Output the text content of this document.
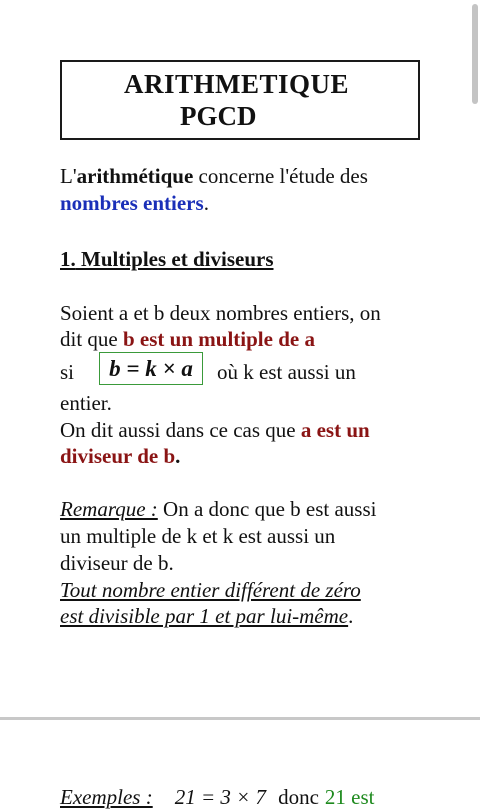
ARITHMETIQUE
PGCD
L'arithmétique concerne l'étude des
nombres entiers.
1. Multiples et diviseurs
Soient a et b deux nombres entiers, on
dit que b est un multiple de a
si	b = k × a	où k est aussi un
entier.
On dit aussi dans ce cas que a est un
diviseur de b.
Remarque : On a donc que b est aussi
un multiple de k et k est aussi un
diviseur de b.
Tout nombre entier différent de zéro
est divisible par 1 et par lui-même.
Exemples : 21 = 3 × 7 donc 21 est
